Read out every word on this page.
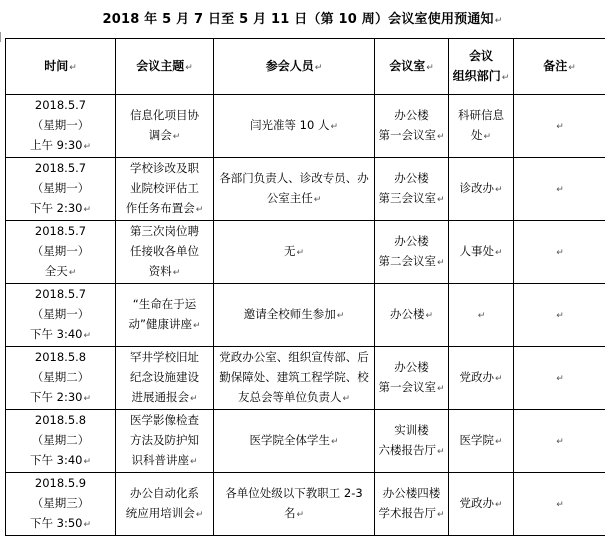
2018 年 5 月 7 日至 5 月 11 日（第 10 周）会议室使用预通知↵
时间↵	会议主题↵	参会人员↵	会议室↵	会议
组织部门↵	备注↵

2018.5.7
（星期一）
上午 9:30↵	信息化项目协
调会↵	闫光准等 10 人↵	办公楼
第一会议室↵	科研信息
处↵	↵

2018.5.7
（星期一）
下午 2:30↵	学校诊改及职
业院校评估工
作任务布置会↵	各部门负责人、诊改专员、办
公室主任↵	办公楼
第三会议室↵	诊改办↵	↵

2018.5.7
（星期一）
全天↵	第三次岗位聘
任接收各单位
资料↵	无↵	办公楼
第二会议室↵	人事处↵	↵

2018.5.7
（星期一）
下午 3:40↵	“生命在于运
动”健康讲座↵	邀请全校师生参加↵	办公楼↵	↵	↵

2018.5.8
（星期二）
下午 2:30↵	罕井学校旧址
纪念设施建设
进展通报会↵	党政办公室、组织宣传部、后
勤保障处、建筑工程学院、校
友总会等单位负责人↵	办公楼
第一会议室↵	党政办↵	↵

2018.5.8
（星期二）
下午 3:40↵	医学影像检查
方法及防护知
识科普讲座↵	医学院全体学生↵	实训楼
六楼报告厅↵	医学院↵	↵

2018.5.9
（星期三）
下午 3:50↵	办公自动化系
统应用培训会↵	各单位处级以下教职工 2-3
名↵	办公楼四楼
学术报告厅↵	党政办↵	↵
